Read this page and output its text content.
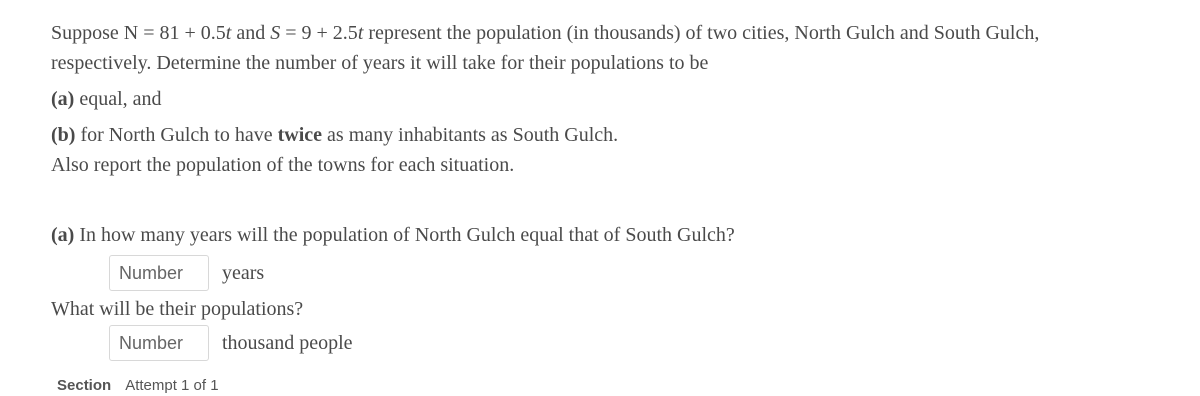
Suppose N = 81 + 0.5t and S = 9 + 2.5t represent the population (in thousands) of two cities, North Gulch and South Gulch,
respectively. Determine the number of years it will take for their populations to be
(a) equal, and
(b) for North Gulch to have twice as many inhabitants as South Gulch.
Also report the population of the towns for each situation.
(a) In how many years will the population of North Gulch equal that of South Gulch?
Number
years
What will be their populations?
Number
thousand people
Section Attempt 1 of 1
